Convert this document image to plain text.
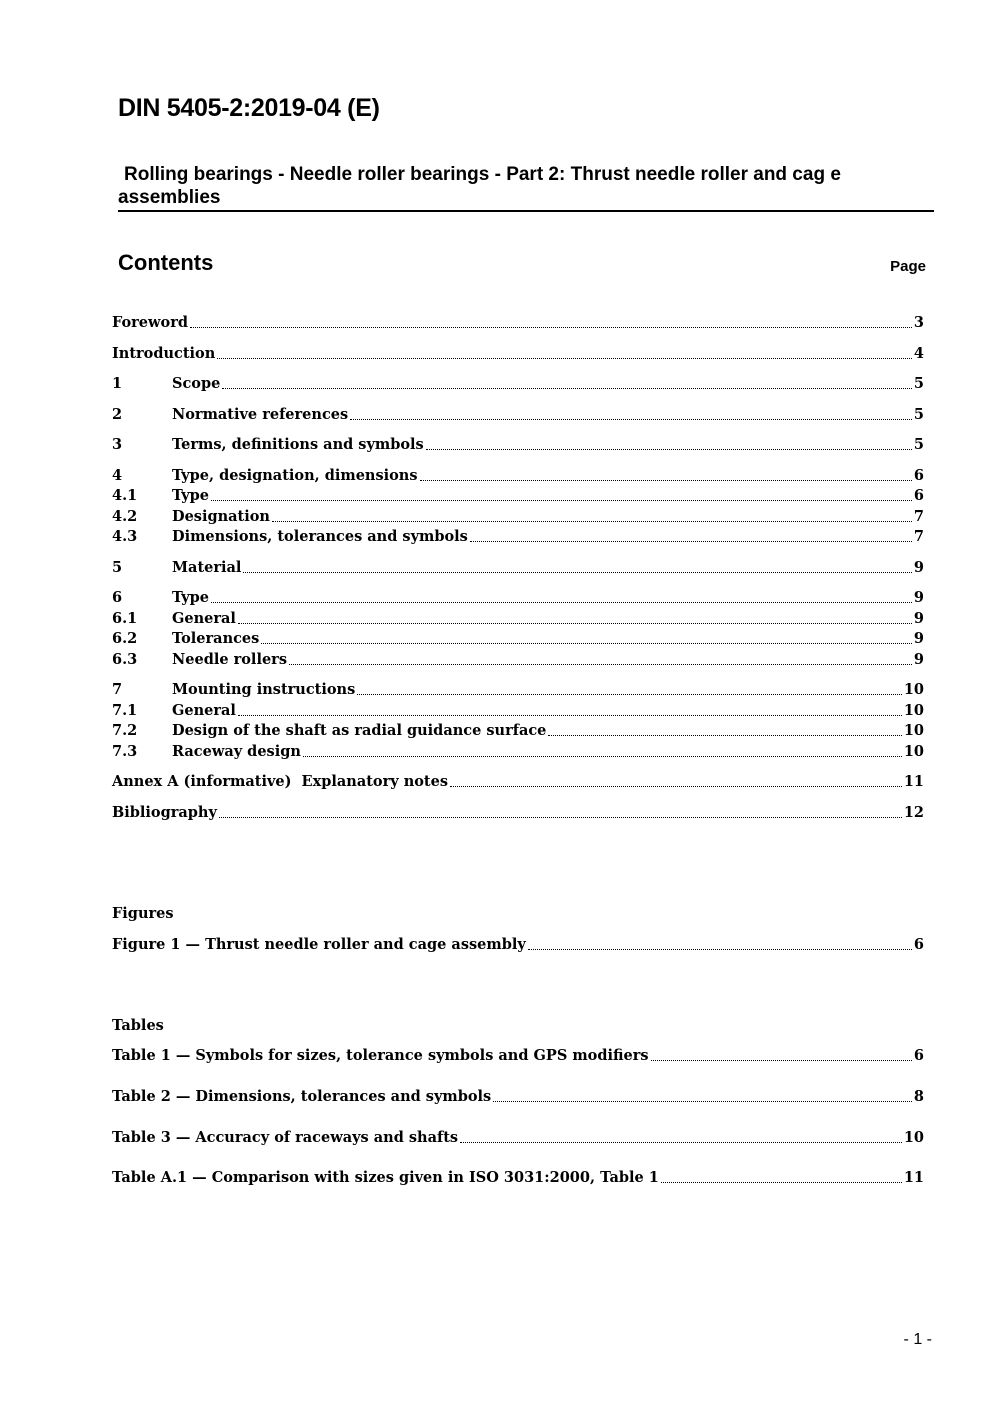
DIN 5405-2:2019-04 (E)
Rolling bearings - Needle roller bearings - Part 2: Thrust needle roller and cag e
assemblies
Contents	Page
Foreword	3
Introduction	4
1	Scope	5
2	Normative references	5
3	Terms, definitions and symbols	5
4	Type, designation, dimensions	6
4.1	Type	6
4.2	Designation	7
4.3	Dimensions, tolerances and symbols	7
5	Material	9
6	Type	9
6.1	General	9
6.2	Tolerances	9
6.3	Needle rollers	9
7	Mounting instructions	10
7.1	General	10
7.2	Design of the shaft as radial guidance surface	10
7.3	Raceway design	10
Annex A (informative)  Explanatory notes	11
Bibliography	12
Figures
Figure 1 — Thrust needle roller and cage assembly	6
Tables
Table 1 — Symbols for sizes, tolerance symbols and GPS modifiers	6
Table 2 — Dimensions, tolerances and symbols	8
Table 3 — Accuracy of raceways and shafts	10
Table A.1 — Comparison with sizes given in ISO 3031:2000, Table 1	11
- 1 -
